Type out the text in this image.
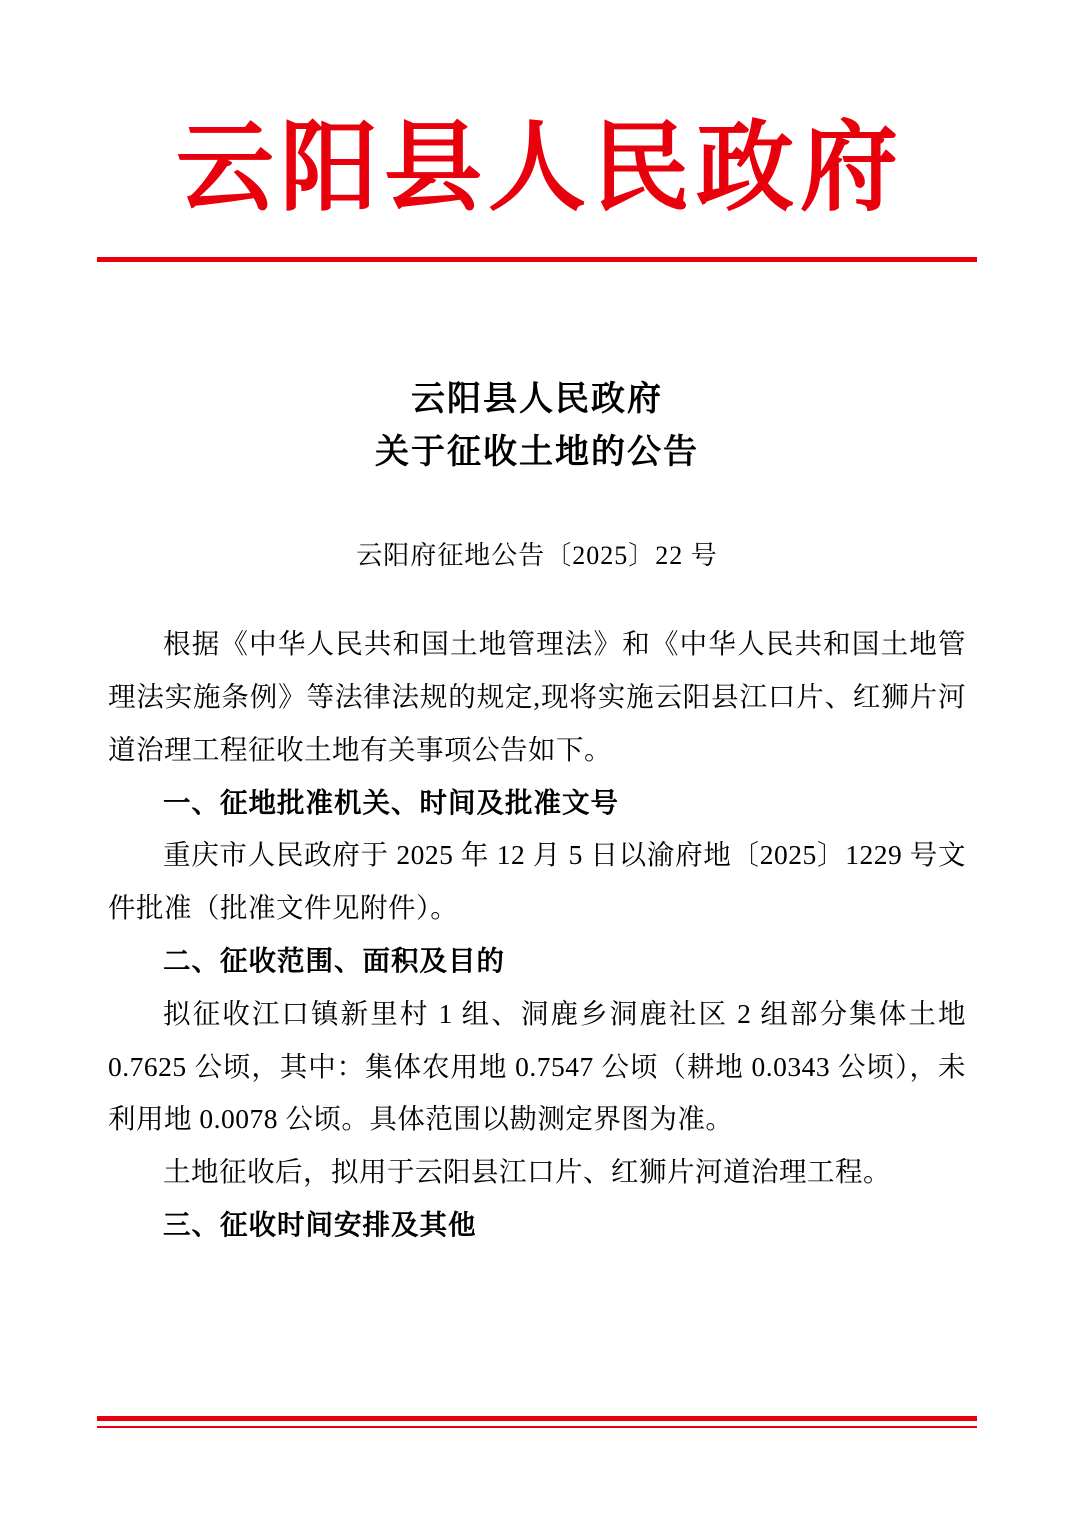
云阳县人民政府
云阳县人民政府
关于征收土地的公告
云阳府征地公告〔2025〕22 号

根据《中华人民共和国土地管理法》和《中华人民共和国土地管理法实施条例》等法律法规的规定,现将实施云阳县江口片、红狮片河道治理工程征收土地有关事项公告如下。

一、征地批准机关、时间及批准文号

重庆市人民政府于 2025 年 12 月 5 日以渝府地〔2025〕1229 号文件批准（批准文件见附件）。

二、征收范围、面积及目的

拟征收江口镇新里村 1 组、洞鹿乡洞鹿社区 2 组部分集体土地 0.7625 公顷，其中：集体农用地 0.7547 公顷（耕地 0.0343 公顷），未利用地 0.0078 公顷。具体范围以勘测定界图为准。

土地征收后，拟用于云阳县江口片、红狮片河道治理工程。

三、征收时间安排及其他
